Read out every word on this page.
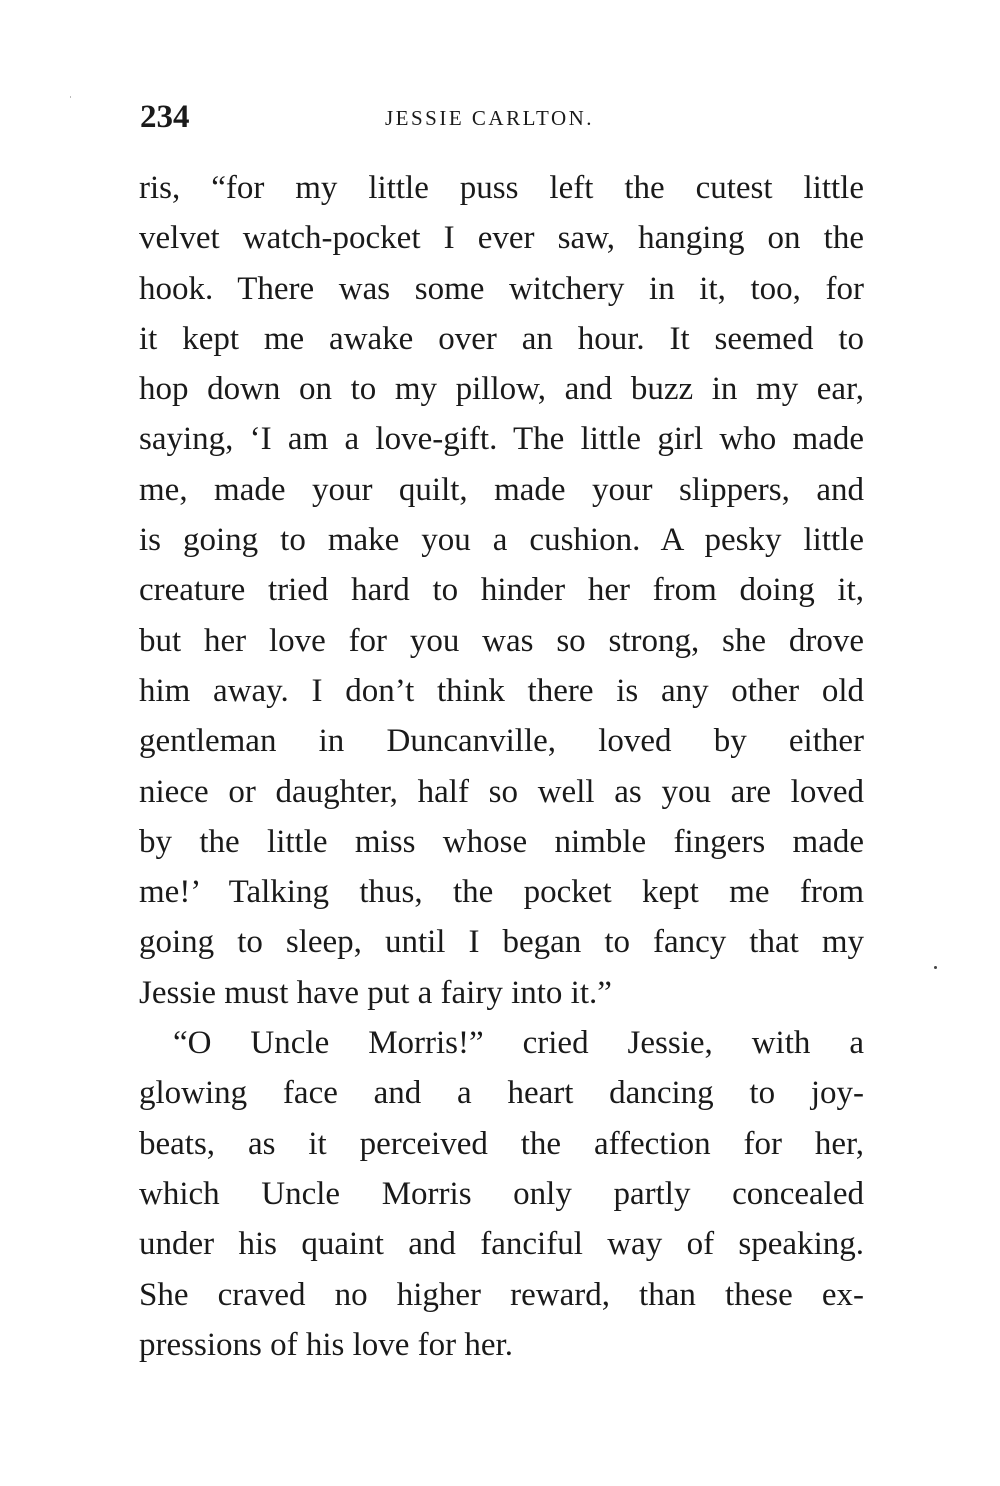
234	JESSIE CARLTON.
ris, “for my little puss left the cutest little
velvet watch-pocket I ever saw, hanging on the
hook. There was some witchery in it, too, for
it kept me awake over an hour. It seemed to
hop down on to my pillow, and buzz in my ear,
saying, ‘I am a love-gift. The little girl who made
me, made your quilt, made your slippers, and
is going to make you a cushion. A pesky little
creature tried hard to hinder her from doing it,
but her love for you was so strong, she drove
him away. I don’t think there is any other old
gentleman in Duncanville, loved by either
niece or daughter, half so well as you are loved
by the little miss whose nimble fingers made
me!’ Talking thus, the pocket kept me from
going to sleep, until I began to fancy that my
Jessie must have put a fairy into it.”
“O Uncle Morris!” cried Jessie, with a
glowing face and a heart dancing to joy-
beats, as it perceived the affection for her,
which Uncle Morris only partly concealed
under his quaint and fanciful way of speaking.
She craved no higher reward, than these ex-
pressions of his love for her.
